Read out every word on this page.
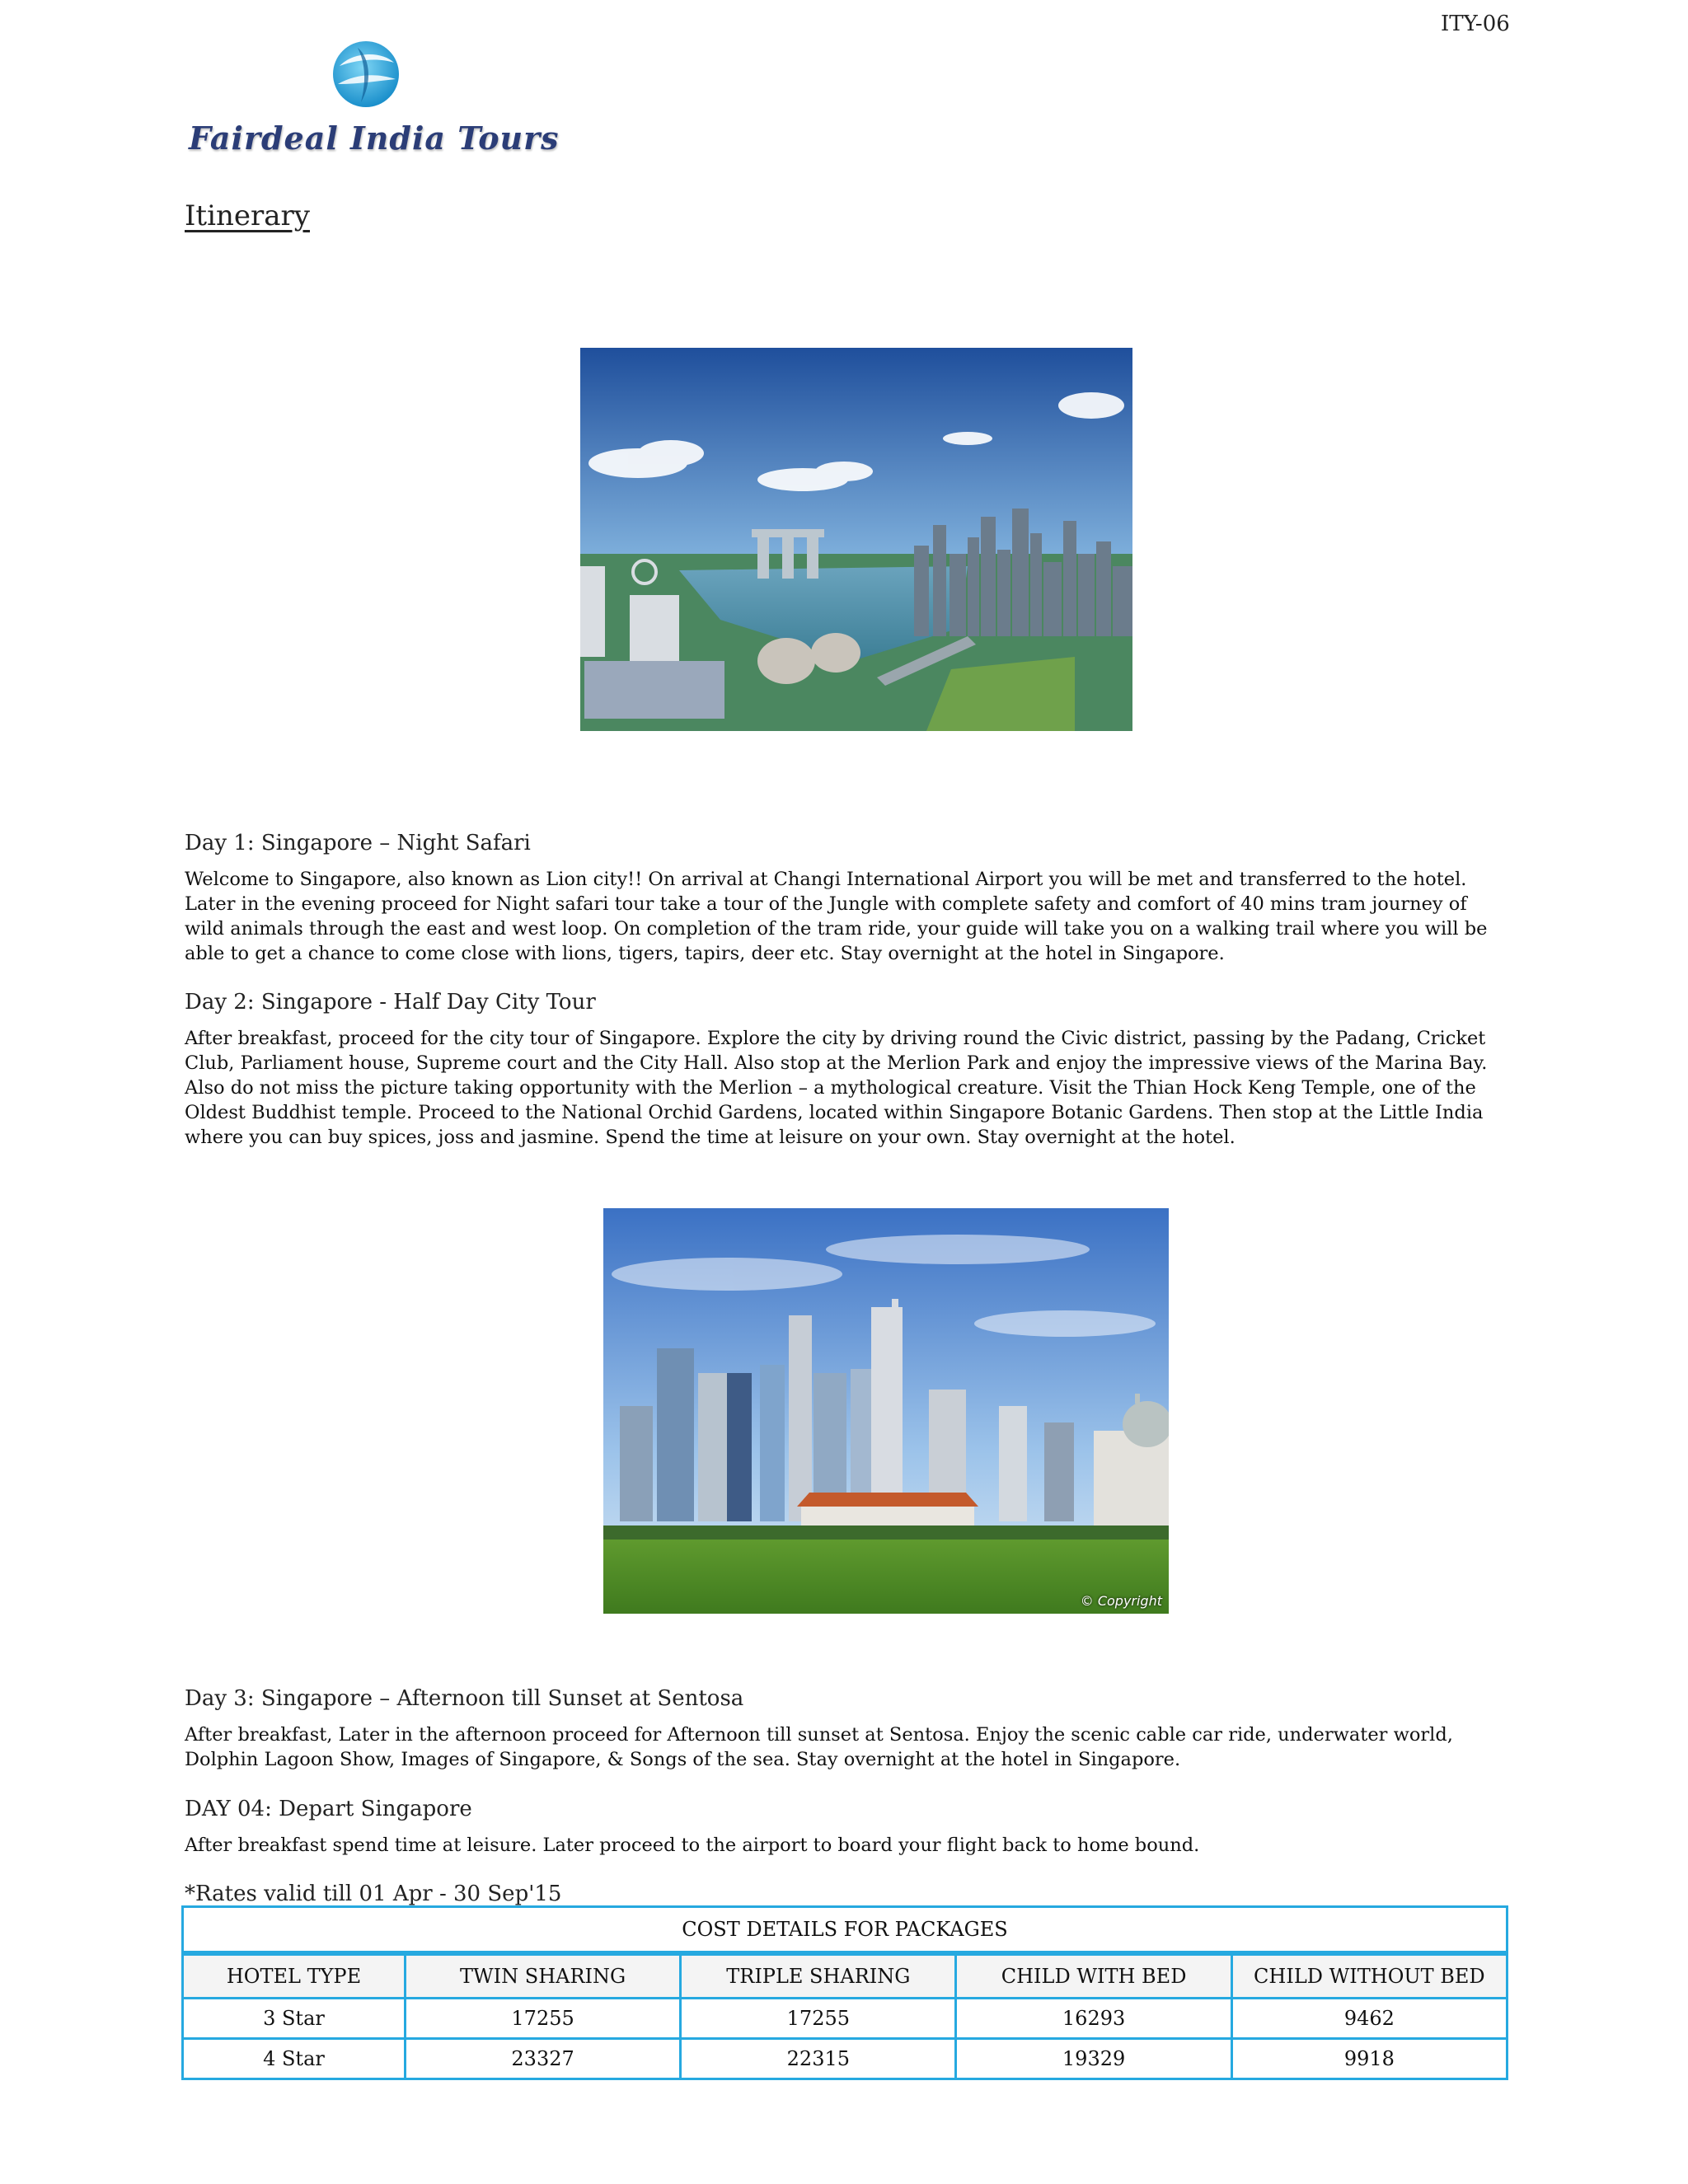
ITY-06
Fairdeal India Tours
Itinerary

Day 1: Singapore – Night Safari

Welcome to Singapore, also known as Lion city!! On arrival at Changi International Airport you will be met and transferred to the hotel. Later in the evening proceed for Night safari tour take a tour of the Jungle with complete safety and comfort of 40 mins tram journey of wild animals through the east and west loop. On completion of the tram ride, your guide will take you on a walking trail where you will be able to get a chance to come close with lions, tigers, tapirs, deer etc. Stay overnight at the hotel in Singapore.

Day 2: Singapore - Half Day City Tour

After breakfast, proceed for the city tour of Singapore. Explore the city by driving round the Civic district, passing by the Padang, Cricket Club, Parliament house, Supreme court and the City Hall. Also stop at the Merlion Park and enjoy the impressive views of the Marina Bay. Also do not miss the picture taking opportunity with the Merlion – a mythological creature. Visit the Thian Hock Keng Temple, one of the Oldest Buddhist temple. Proceed to the National Orchid Gardens, located within Singapore Botanic Gardens. Then stop at the Little India where you can buy spices, joss and jasmine. Spend the time at leisure on your own. Stay overnight at the hotel.

© Copyright

Day 3: Singapore – Afternoon till Sunset at Sentosa

After breakfast, Later in the afternoon proceed for Afternoon till sunset at Sentosa. Enjoy the scenic cable car ride, underwater world, Dolphin Lagoon Show, Images of Singapore, & Songs of the sea. Stay overnight at the hotel in Singapore.

DAY 04: Depart Singapore

After breakfast spend time at leisure. Later proceed to the airport to board your flight back to home bound.

*Rates valid till 01 Apr - 30 Sep'15
COST DETAILS FOR PACKAGES				
HOTEL TYPE	TWIN SHARING	TRIPLE SHARING	CHILD WITH BED	CHILD WITHOUT BED
3 Star	17255	17255	16293	9462
4 Star	23327	22315	19329	9918
